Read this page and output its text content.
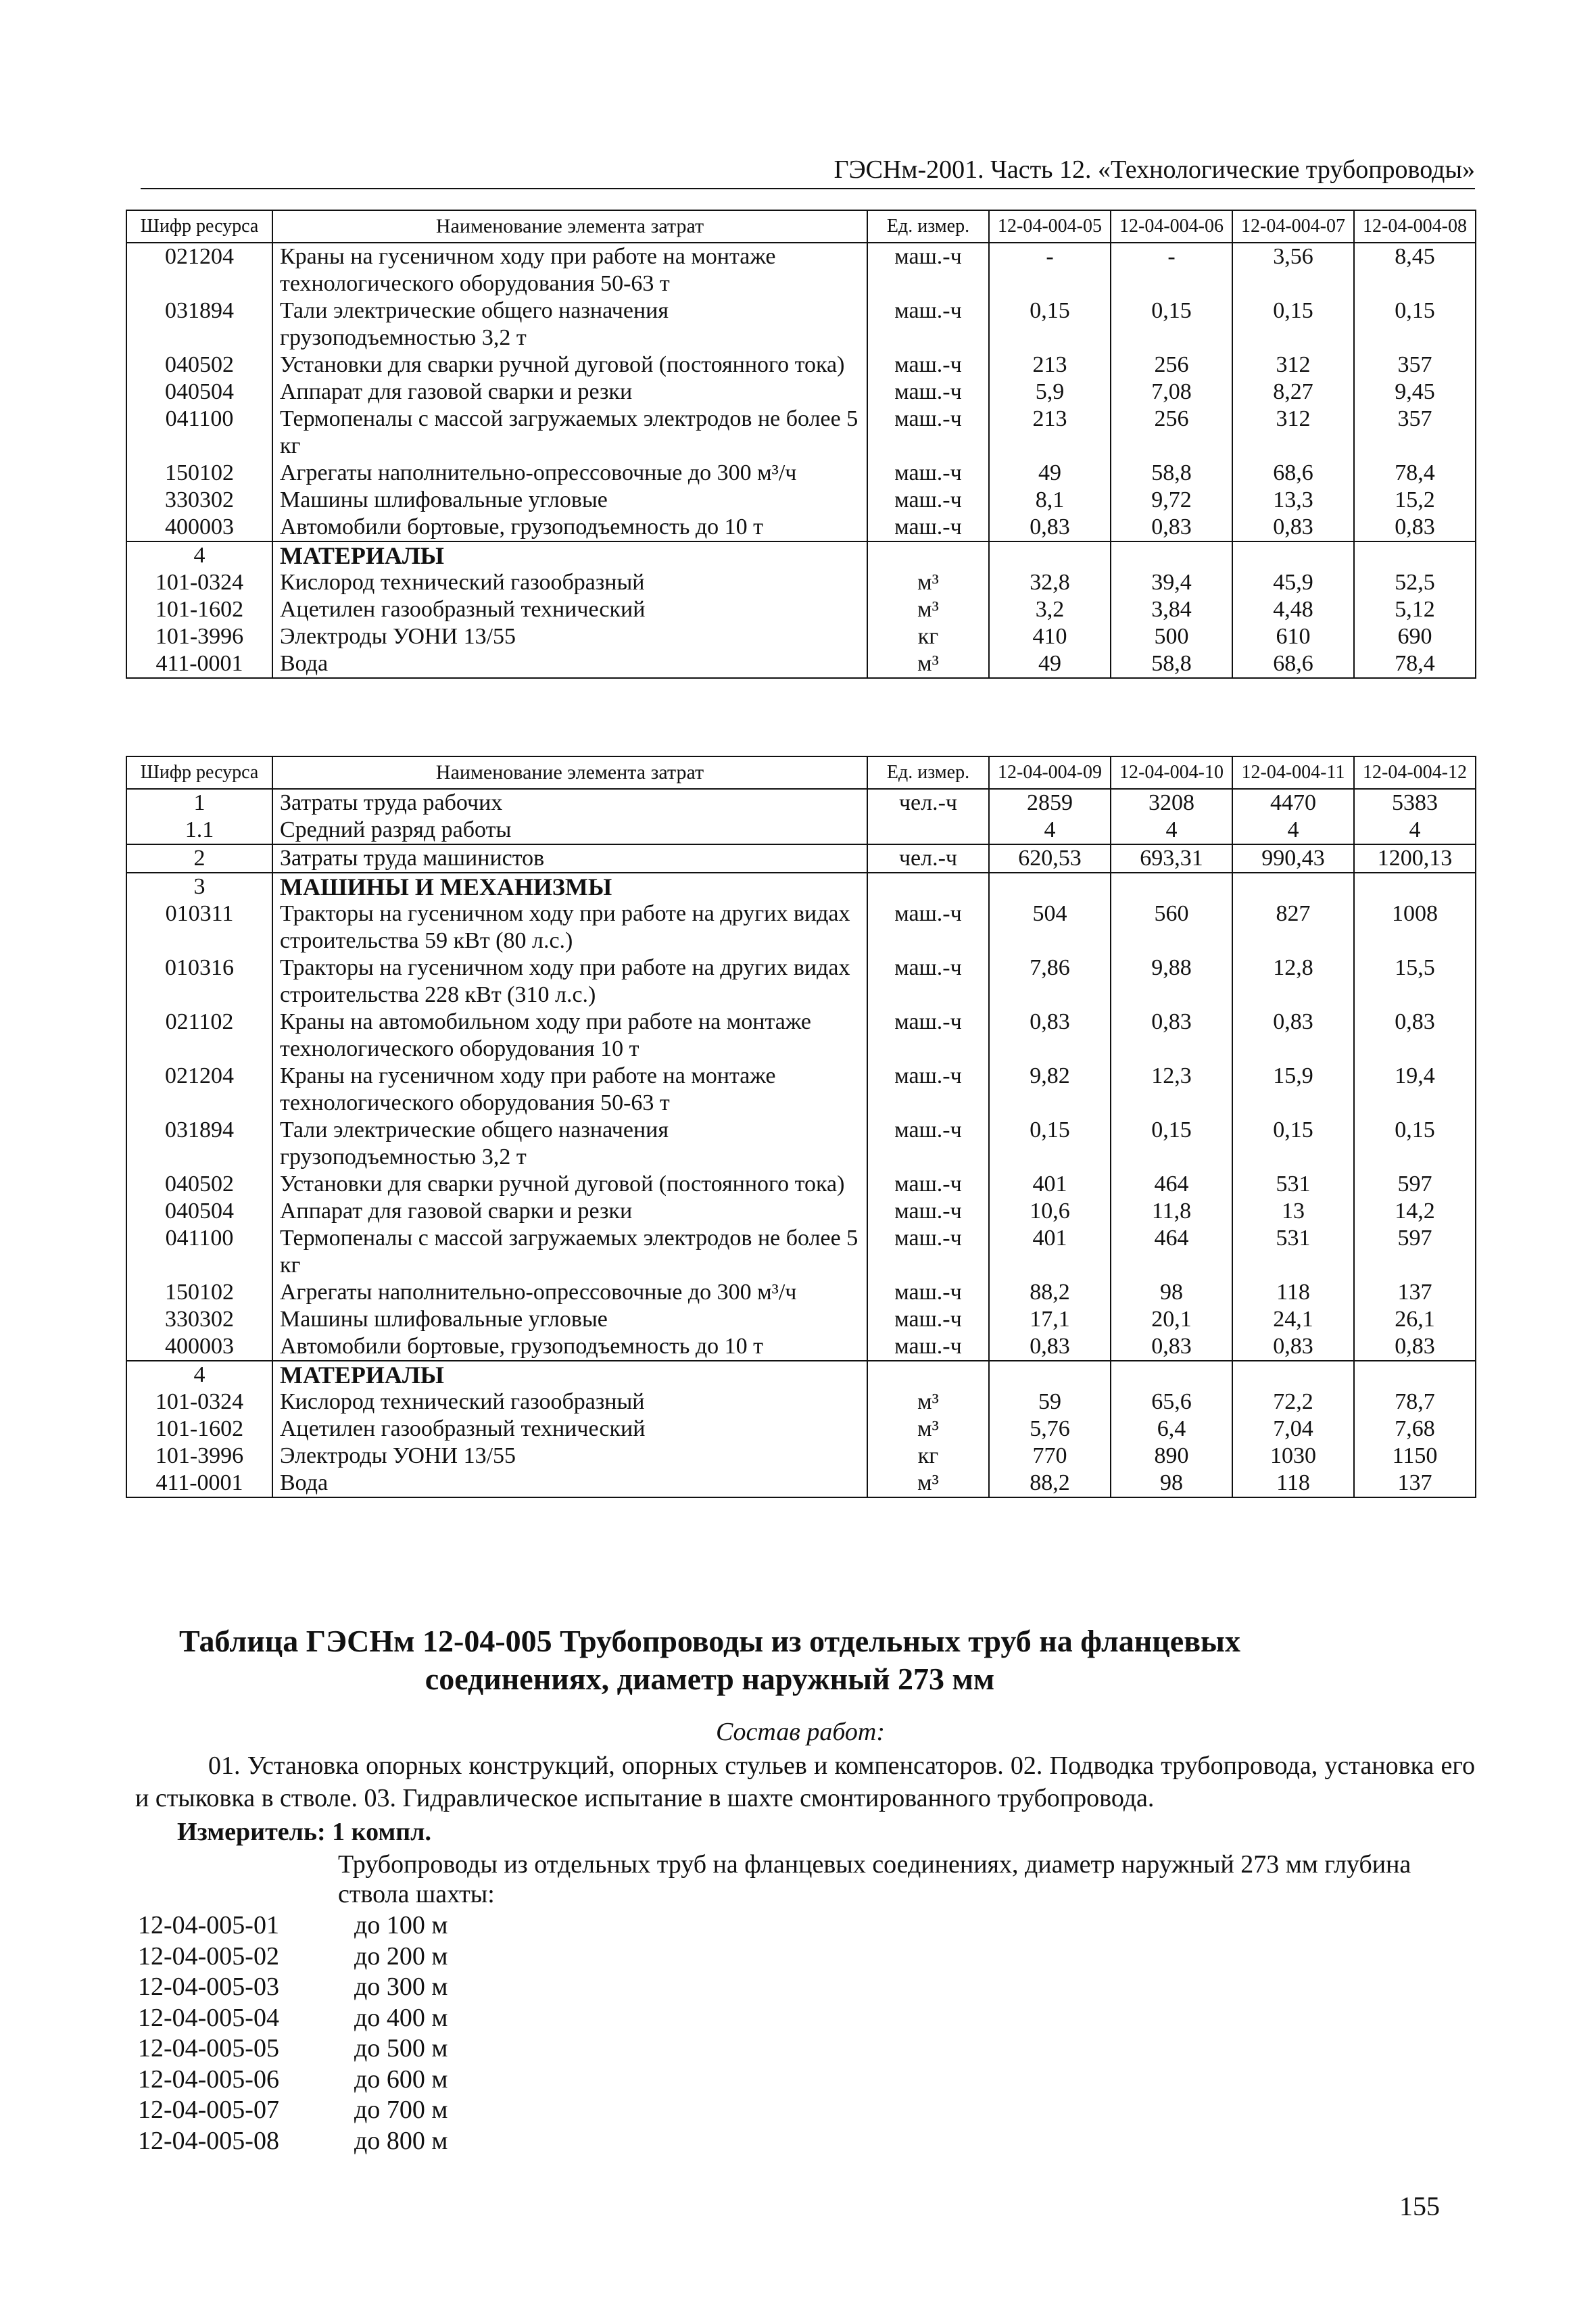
ГЭСНм-2001. Часть 12. «Технологические трубопроводы»
Шифр ресурса	Наименование элемента затрат	Ед. измер.	12-04-004-05	12-04-004-06	12-04-004-07	12-04-004-08
021204	Краны на гусеничном ходу при работе на монтаже технологического оборудования 50-63 т	маш.-ч	-	-	3,56	8,45
031894	Тали электрические общего назначения грузоподъемностью 3,2 т	маш.-ч	0,15	0,15	0,15	0,15
040502	Установки для сварки ручной дуговой (постоянного тока)	маш.-ч	213	256	312	357
040504	Аппарат для газовой сварки и резки	маш.-ч	5,9	7,08	8,27	9,45
041100	Термопеналы с массой загружаемых электродов не более 5 кг	маш.-ч	213	256	312	357
150102	Агрегаты наполнительно-опрессовочные до 300 м³/ч	маш.-ч	49	58,8	68,6	78,4
330302	Машины шлифовальные угловые	маш.-ч	8,1	9,72	13,3	15,2
400003	Автомобили бортовые, грузоподъемность до 10 т	маш.-ч	0,83	0,83	0,83	0,83
4	МАТЕРИАЛЫ					
101-0324	Кислород технический газообразный	м³	32,8	39,4	45,9	52,5
101-1602	Ацетилен газообразный технический	м³	3,2	3,84	4,48	5,12
101-3996	Электроды УОНИ 13/55	кг	410	500	610	690
411-0001	Вода	м³	49	58,8	68,6	78,4
Шифр ресурса	Наименование элемента затрат	Ед. измер.	12-04-004-09	12-04-004-10	12-04-004-11	12-04-004-12
1	Затраты труда рабочих	чел.-ч	2859	3208	4470	5383
1.1	Средний разряд работы		4	4	4	4
2	Затраты труда машинистов	чел.-ч	620,53	693,31	990,43	1200,13
3	МАШИНЫ И МЕХАНИЗМЫ					
010311	Тракторы на гусеничном ходу при работе на других видах строительства 59 кВт (80 л.с.)	маш.-ч	504	560	827	1008
010316	Тракторы на гусеничном ходу при работе на других видах строительства 228 кВт (310 л.с.)	маш.-ч	7,86	9,88	12,8	15,5
021102	Краны на автомобильном ходу при работе на монтаже технологического оборудования 10 т	маш.-ч	0,83	0,83	0,83	0,83
021204	Краны на гусеничном ходу при работе на монтаже технологического оборудования 50-63 т	маш.-ч	9,82	12,3	15,9	19,4
031894	Тали электрические общего назначения грузоподъемностью 3,2 т	маш.-ч	0,15	0,15	0,15	0,15
040502	Установки для сварки ручной дуговой (постоянного тока)	маш.-ч	401	464	531	597
040504	Аппарат для газовой сварки и резки	маш.-ч	10,6	11,8	13	14,2
041100	Термопеналы с массой загружаемых электродов не более 5 кг	маш.-ч	401	464	531	597
150102	Агрегаты наполнительно-опрессовочные до 300 м³/ч	маш.-ч	88,2	98	118	137
330302	Машины шлифовальные угловые	маш.-ч	17,1	20,1	24,1	26,1
400003	Автомобили бортовые, грузоподъемность до 10 т	маш.-ч	0,83	0,83	0,83	0,83
4	МАТЕРИАЛЫ					
101-0324	Кислород технический газообразный	м³	59	65,6	72,2	78,7
101-1602	Ацетилен газообразный технический	м³	5,76	6,4	7,04	7,68
101-3996	Электроды УОНИ 13/55	кг	770	890	1030	1150
411-0001	Вода	м³	88,2	98	118	137
Таблица ГЭСНм 12-04-005 Трубопроводы из отдельных труб на фланцевых соединениях, диаметр наружный 273 мм
Состав работ:
01. Установка опорных конструкций, опорных стульев и компенсаторов. 02. Подводка трубопровода, установка его и стыковка в стволе. 03. Гидравлическое испытание в шахте смонтированного трубопровода.
Измеритель: 1 компл.
Трубопроводы из отдельных труб на фланцевых соединениях, диаметр наружный 273 мм глубина ствола шахты:
12-04-005-01	до 100 м
12-04-005-02	до 200 м
12-04-005-03	до 300 м
12-04-005-04	до 400 м
12-04-005-05	до 500 м
12-04-005-06	до 600 м
12-04-005-07	до 700 м
12-04-005-08	до 800 м
155
